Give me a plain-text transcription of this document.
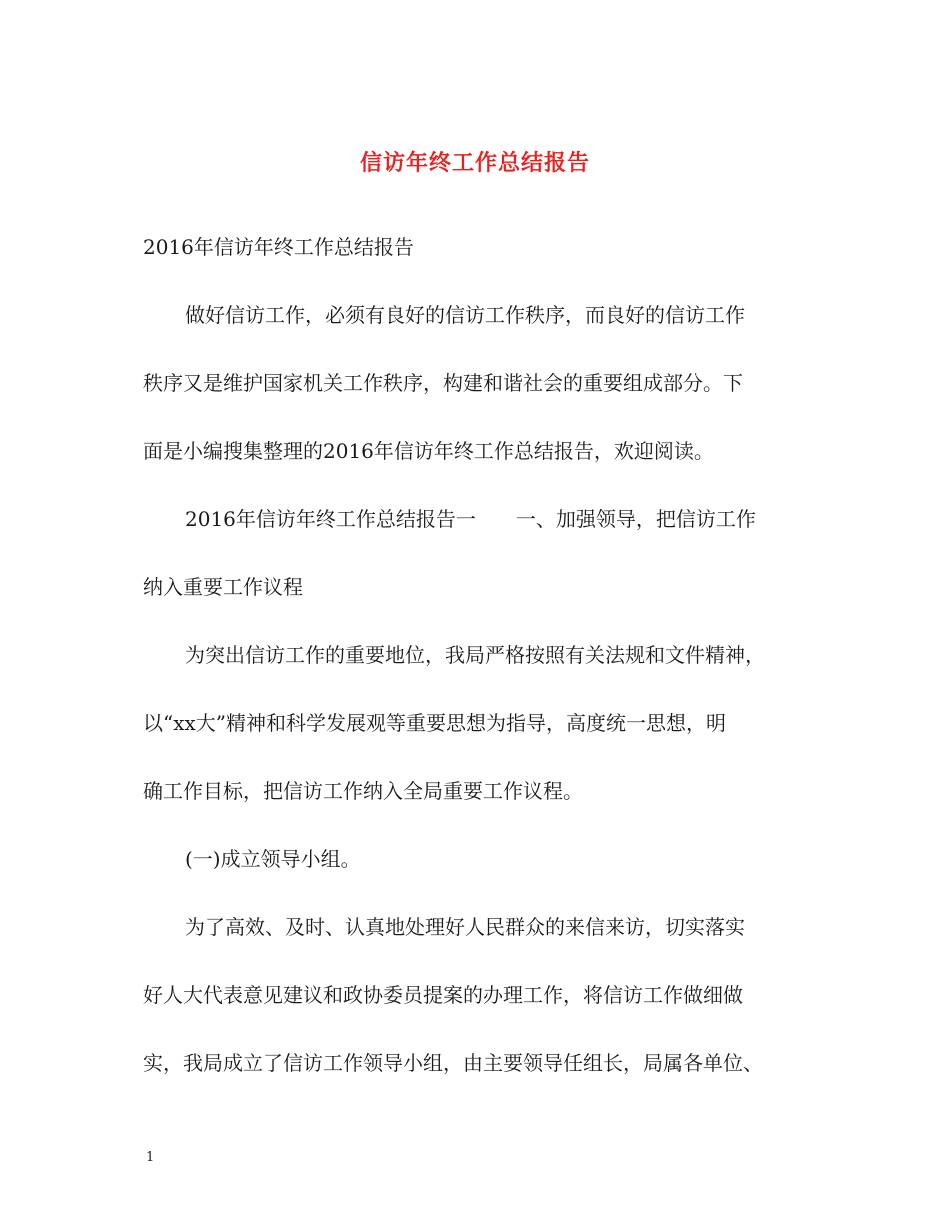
信访年终工作总结报告
2016年信访年终工作总结报告
做好信访工作，必须有良好的信访工作秩序，而良好的信访工作
秩序又是维护国家机关工作秩序，构建和谐社会的重要组成部分。下
面是小编搜集整理的2016年信访年终工作总结报告，欢迎阅读。
2016年信访年终工作总结报告一　　一、加强领导，把信访工作
纳入重要工作议程
为突出信访工作的重要地位，我局严格按照有关法规和文件精神，
以“xx大”精神和科学发展观等重要思想为指导，高度统一思想，明
确工作目标，把信访工作纳入全局重要工作议程。
(一)成立领导小组。
为了高效、及时、认真地处理好人民群众的来信来访，切实落实
好人大代表意见建议和政协委员提案的办理工作，将信访工作做细做
实，我局成立了信访工作领导小组，由主要领导任组长，局属各单位、
1
